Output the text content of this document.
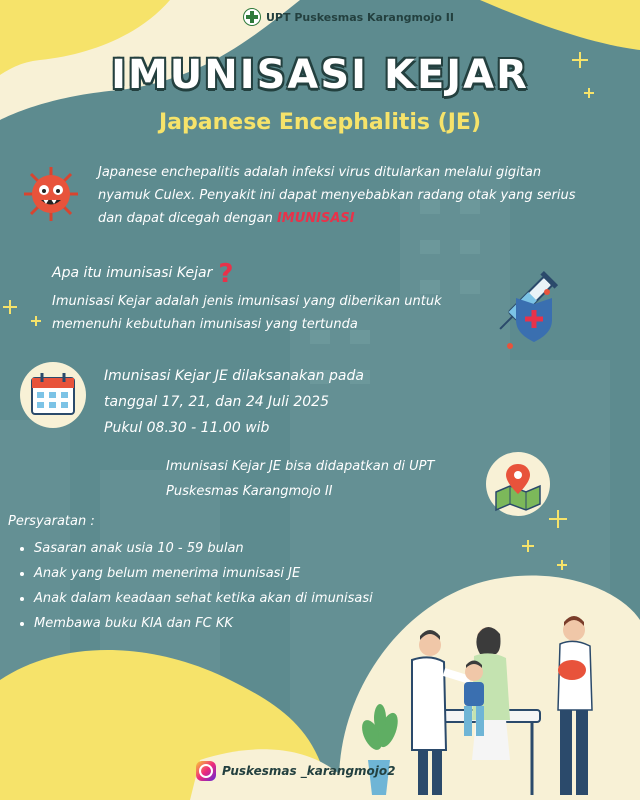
UPT Puskesmas Karangmojo II
IMUNISASI KEJAR
Japanese Encephalitis (JE)
Japanese enchepalitis adalah infeksi virus ditularkan melalui gigitan
nyamuk Culex. Penyakit ini dapat menyebabkan radang otak yang serius
dan dapat dicegah dengan IMUNISASI
Apa itu imunisasi Kejar ?
Imunisasi Kejar adalah jenis imunisasi yang diberikan untuk
memenuhi kebutuhan imunisasi yang tertunda
Imunisasi Kejar JE dilaksanakan pada
tanggal 17, 21, dan 24 Juli 2025
Pukul 08.30 - 11.00 wib
Imunisasi Kejar JE bisa didapatkan di UPT
Puskesmas Karangmojo II
Persyaratan :
• Sasaran anak usia 10 - 59 bulan
• Anak yang belum menerima imunisasi JE
• Anak dalam keadaan sehat ketika akan di imunisasi
• Membawa buku KIA dan FC KK
Puskesmas _karangmojo2
